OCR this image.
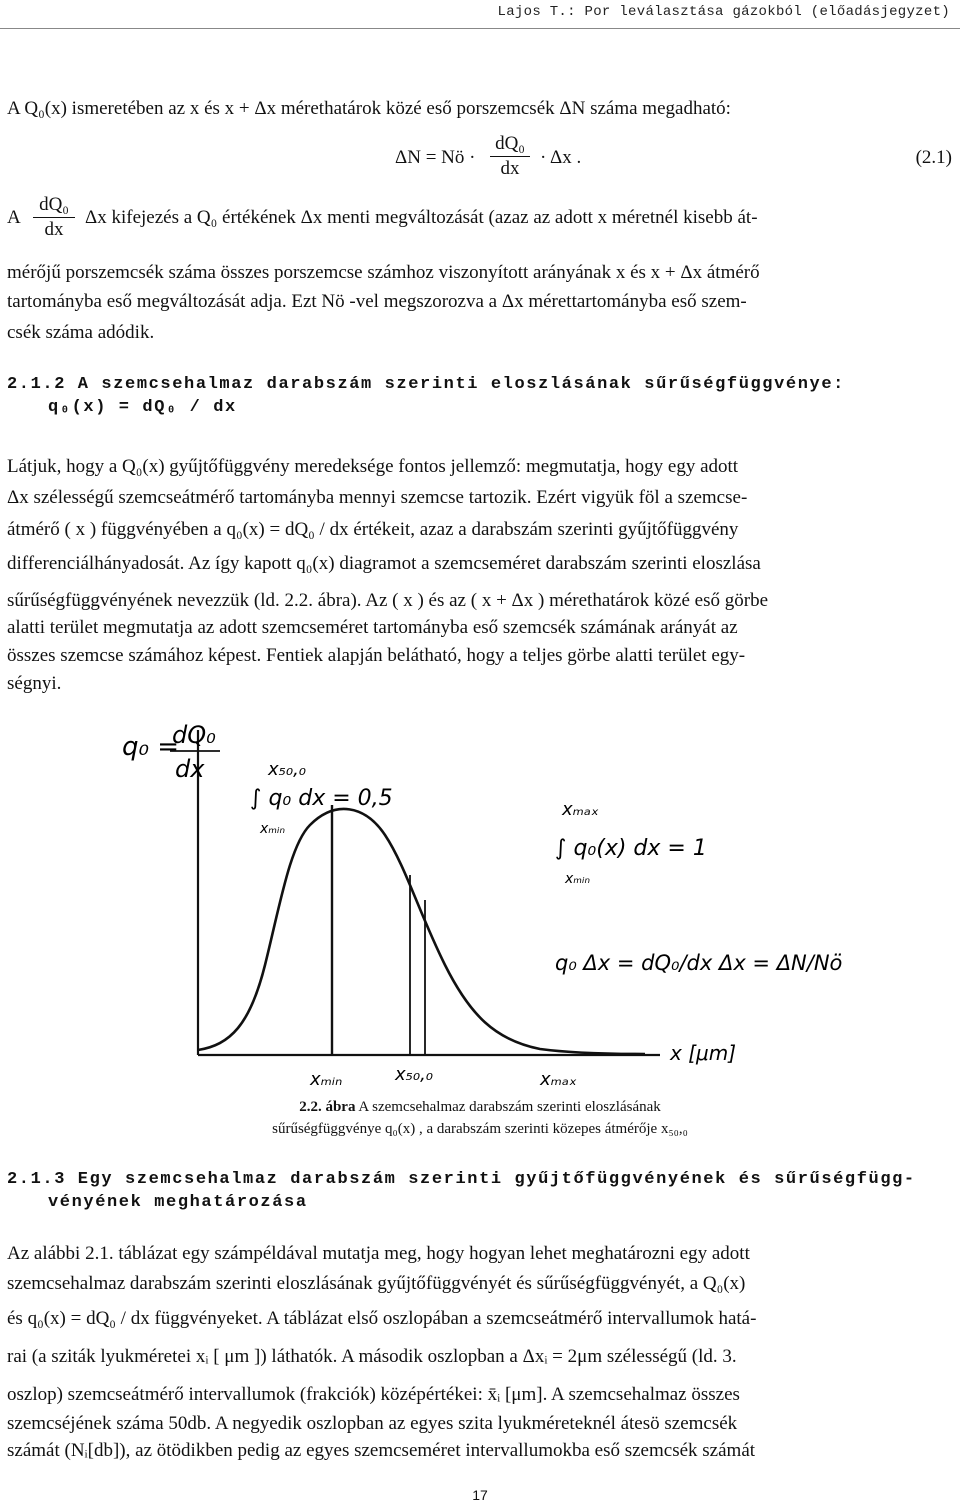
Lajos T.: Por leválasztása gázokból (előadásjegyzet)
A Q₀(x) ismeretében az x és x + Δx mérethatárok közé eső porszemcsék ΔN száma megadható:
ΔN = Nö ·
dQ₀
dx
· Δx .	(2.1)
A
dQ₀
dx
Δx kifejezés a Q₀ értékének Δx menti megváltozását (azaz az adott x méretnél kisebb át-
mérőjű porszemcsék száma összes porszemcse számhoz viszonyított arányának x és x + Δx átmérő
tartományba eső megváltozását adja. Ezt Nö -vel megszorozva a Δx mérettartományba eső szem-
csék száma adódik.
2.1.2 A szemcsehalmaz darabszám szerinti eloszlásának sűrűségfüggvénye:
q₀(x) = dQ₀ / dx
Látjuk, hogy a Q₀(x) gyűjtőfüggvény meredeksége fontos jellemző: megmutatja, hogy egy adott
Δx szélességű szemcseátmérő tartományba mennyi szemcse tartozik. Ezért vigyük föl a szemcse-
átmérő ( x ) függvényében a q₀(x) = dQ₀ / dx értékeit, azaz a darabszám szerinti gyűjtőfüggvény
differenciálhányadosát. Az így kapott q₀(x) diagramot a szemcseméret darabszám szerinti eloszlása
sűrűségfüggvényének nevezzük (ld. 2.2. ábra). Az ( x ) és az ( x + Δx ) mérethatárok közé eső görbe
alatti terület megmutatja az adott szemcseméret tartományba eső szemcsék számának arányát az
összes szemcse számához képest. Fentiek alapján belátható, hogy a teljes görbe alatti terület egy-
ségnyi.
q₀ =
dQ₀
dx	x₅₀,₀
∫ q₀ dx = 0,5
xₘᵢₙ
xₘₐₓ
∫ q₀(x) dx = 1
xₘᵢₙ
q₀ Δx = dQ₀/dx Δx = ΔN/Nö
x [μm]
xₘᵢₙ	x₅₀,₀	xₘₐₓ
2.2. ábra A szemcsehalmaz darabszám szerinti eloszlásának
sűrűségfüggvénye q₀(x) , a darabszám szerinti közepes átmérője x₅₀,₀
2.1.3 Egy szemcsehalmaz darabszám szerinti gyűjtőfüggvényének és sűrűségfügg-
vényének meghatározása
Az alábbi 2.1. táblázat egy számpéldával mutatja meg, hogy hogyan lehet meghatározni egy adott
szemcsehalmaz darabszám szerinti eloszlásának gyűjtőfüggvényét és sűrűségfüggvényét, a Q₀(x)
és q₀(x) = dQ₀ / dx függvényeket. A táblázat első oszlopában a szemcseátmérő intervallumok hatá-
rai (a sziták lyukméretei xᵢ [ μm ]) láthatók. A második oszlopban a Δxᵢ = 2μm szélességű (ld. 3.
oszlop) szemcseátmérő intervallumok (frakciók) középértékei: x̄ᵢ [μm]. A szemcsehalmaz összes
szemcséjének száma 50db. A negyedik oszlopban az egyes szita lyukméreteknél átesö szemcsék
számát (Nᵢ[db]), az ötödikben pedig az egyes szemcseméret intervallumokba eső szemcsék számát
17
